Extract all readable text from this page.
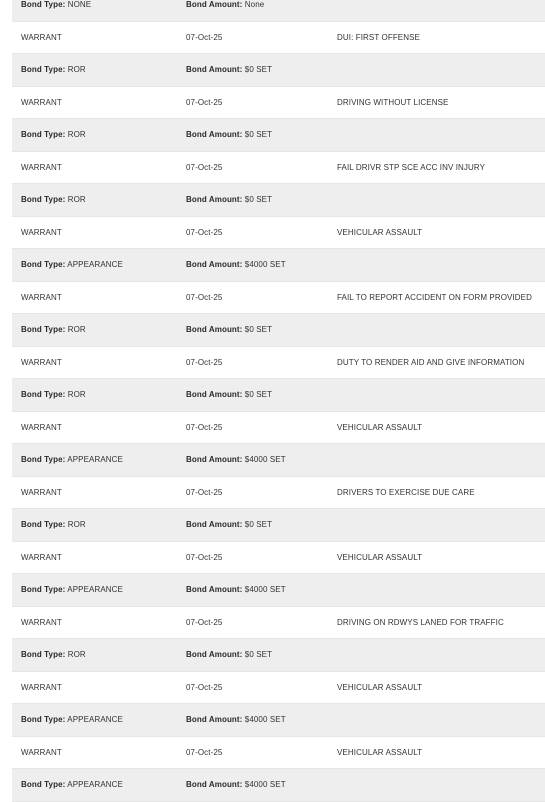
Bond Type: NONE	Bond Amount: None
WARRANT	07-Oct-25	DUI: FIRST OFFENSE
Bond Type: ROR	Bond Amount: $0 SET
WARRANT	07-Oct-25	DRIVING WITHOUT LICENSE
Bond Type: ROR	Bond Amount: $0 SET
WARRANT	07-Oct-25	FAIL DRIVR STP SCE ACC INV INJURY
Bond Type: ROR	Bond Amount: $0 SET
WARRANT	07-Oct-25	VEHICULAR ASSAULT
Bond Type: APPEARANCE	Bond Amount: $4000 SET
WARRANT	07-Oct-25	FAIL TO REPORT ACCIDENT ON FORM PROVIDED
Bond Type: ROR	Bond Amount: $0 SET
WARRANT	07-Oct-25	DUTY TO RENDER AID AND GIVE INFORMATION
Bond Type: ROR	Bond Amount: $0 SET
WARRANT	07-Oct-25	VEHICULAR ASSAULT
Bond Type: APPEARANCE	Bond Amount: $4000 SET
WARRANT	07-Oct-25	DRIVERS TO EXERCISE DUE CARE
Bond Type: ROR	Bond Amount: $0 SET
WARRANT	07-Oct-25	VEHICULAR ASSAULT
Bond Type: APPEARANCE	Bond Amount: $4000 SET
WARRANT	07-Oct-25	DRIVING ON RDWYS LANED FOR TRAFFIC
Bond Type: ROR	Bond Amount: $0 SET
WARRANT	07-Oct-25	VEHICULAR ASSAULT
Bond Type: APPEARANCE	Bond Amount: $4000 SET
WARRANT	07-Oct-25	VEHICULAR ASSAULT
Bond Type: APPEARANCE	Bond Amount: $4000 SET
